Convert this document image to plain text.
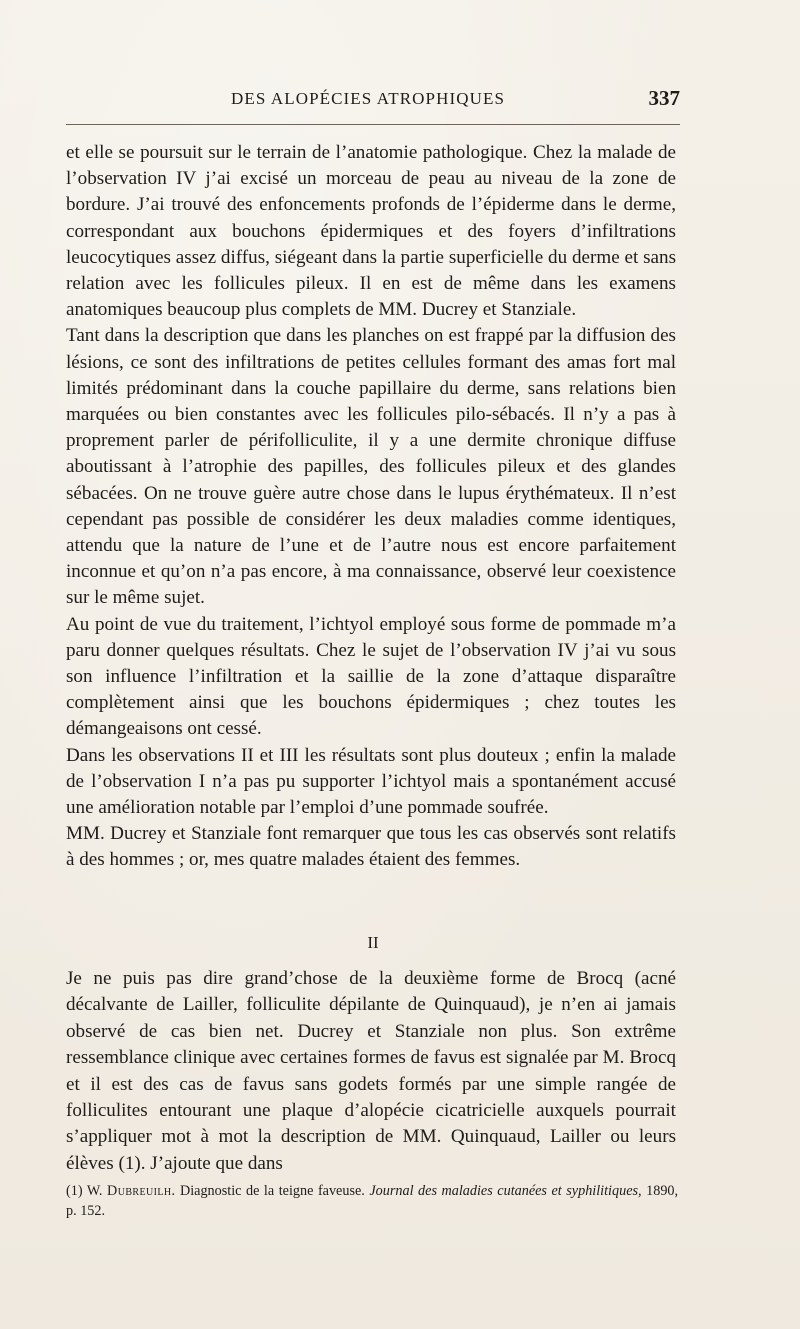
DES ALOPÉCIES ATROPHIQUES	337

et elle se poursuit sur le terrain de l’anatomie pathologique. Chez la malade de l’observation IV j’ai excisé un morceau de peau au niveau de la zone de bordure. J’ai trouvé des enfoncements profonds de l’épiderme dans le derme, correspondant aux bouchons épidermiques et des foyers d’infiltrations leucocytiques assez diffus, siégeant dans la partie superficielle du derme et sans relation avec les follicules pileux. Il en est de même dans les examens anatomiques beaucoup plus complets de MM. Ducrey et Stanziale.

Tant dans la description que dans les planches on est frappé par la diffusion des lésions, ce sont des infiltrations de petites cellules formant des amas fort mal limités prédominant dans la couche papillaire du derme, sans relations bien marquées ou bien constantes avec les follicules pilo-sébacés. Il n’y a pas à proprement parler de périfolliculite, il y a une dermite chronique diffuse aboutissant à l’atrophie des papilles, des follicules pileux et des glandes sébacées. On ne trouve guère autre chose dans le lupus érythémateux. Il n’est cependant pas possible de considérer les deux maladies comme identiques, attendu que la nature de l’une et de l’autre nous est encore parfaitement inconnue et qu’on n’a pas encore, à ma connaissance, observé leur coexistence sur le même sujet.

Au point de vue du traitement, l’ichtyol employé sous forme de pommade m’a paru donner quelques résultats. Chez le sujet de l’observation IV j’ai vu sous son influence l’infiltration et la saillie de la zone d’attaque disparaître complètement ainsi que les bouchons épidermiques ; chez toutes les démangeaisons ont cessé.

Dans les observations II et III les résultats sont plus douteux ; enfin la malade de l’observation I n’a pas pu supporter l’ichtyol mais a spontanément accusé une amélioration notable par l’emploi d’une pommade soufrée.

MM. Ducrey et Stanziale font remarquer que tous les cas observés sont relatifs à des hommes ; or, mes quatre malades étaient des femmes.

II

Je ne puis pas dire grand’chose de la deuxième forme de Brocq (acné décalvante de Lailler, folliculite dépilante de Quinquaud), je n’en ai jamais observé de cas bien net. Ducrey et Stanziale non plus. Son extrême ressemblance clinique avec certaines formes de favus est signalée par M. Brocq et il est des cas de favus sans godets formés par une simple rangée de folliculites entourant une plaque d’alopécie cicatricielle auxquels pourrait s’appliquer mot à mot la description de MM. Quinquaud, Lailler ou leurs élèves (1). J’ajoute que dans

(1) W. Dubreuilh. Diagnostic de la teigne faveuse. Journal des maladies cutanées et syphilitiques, 1890, p. 152.
